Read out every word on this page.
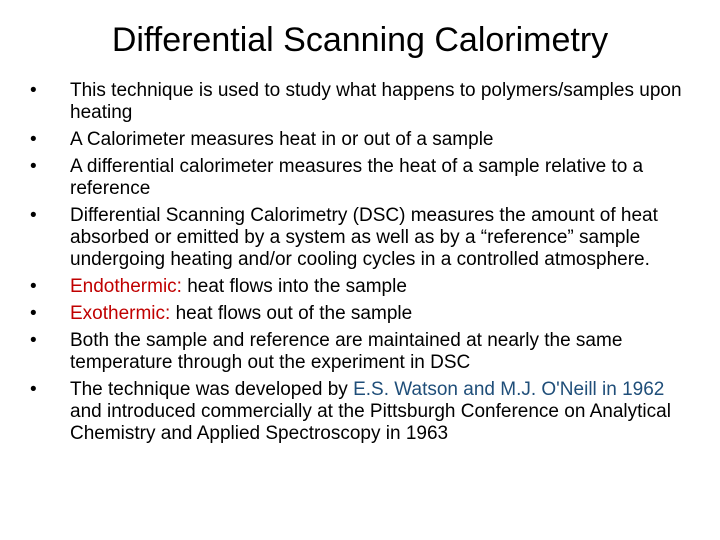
Differential Scanning Calorimetry
•	This technique is used to study what happens to polymers/samples upon heating
•	A Calorimeter measures heat in or out of a sample
•	A differential calorimeter measures the heat of a sample relative to a reference
•	Differential Scanning Calorimetry (DSC) measures the amount of heat absorbed or emitted by a system as well as by a “reference” sample undergoing heating and/or cooling cycles in a controlled atmosphere.
•	Endothermic: heat flows into the sample
•	Exothermic: heat flows out of the sample
•	Both the sample and reference are maintained at nearly the same temperature through out the experiment in DSC
•	The technique was developed by E.S. Watson and M.J. O'Neill in 1962 and introduced commercially at the Pittsburgh Conference on Analytical Chemistry and Applied Spectroscopy in 1963
